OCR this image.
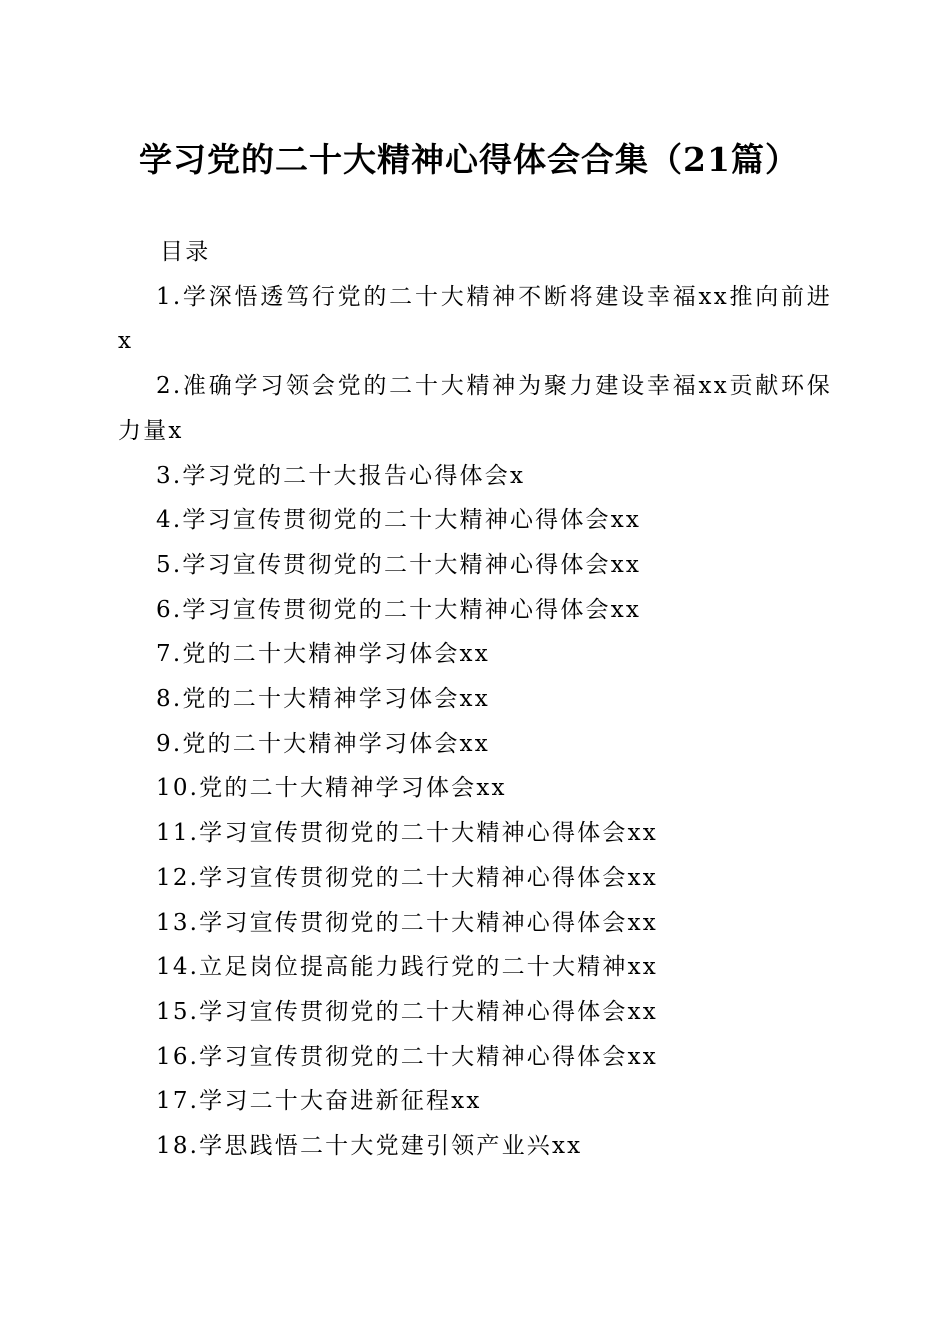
学习党的二十大精神心得体会合集（21篇）
目录
1.学深悟透笃行党的二十大精神不断将建设幸福xx推向前进x
2.准确学习领会党的二十大精神为聚力建设幸福xx贡献环保力量x
3.学习党的二十大报告心得体会x
4.学习宣传贯彻党的二十大精神心得体会xx
5.学习宣传贯彻党的二十大精神心得体会xx
6.学习宣传贯彻党的二十大精神心得体会xx
7.党的二十大精神学习体会xx
8.党的二十大精神学习体会xx
9.党的二十大精神学习体会xx
10.党的二十大精神学习体会xx
11.学习宣传贯彻党的二十大精神心得体会xx
12.学习宣传贯彻党的二十大精神心得体会xx
13.学习宣传贯彻党的二十大精神心得体会xx
14.立足岗位提高能力践行党的二十大精神xx
15.学习宣传贯彻党的二十大精神心得体会xx
16.学习宣传贯彻党的二十大精神心得体会xx
17.学习二十大奋进新征程xx
18.学思践悟二十大党建引领产业兴xx
